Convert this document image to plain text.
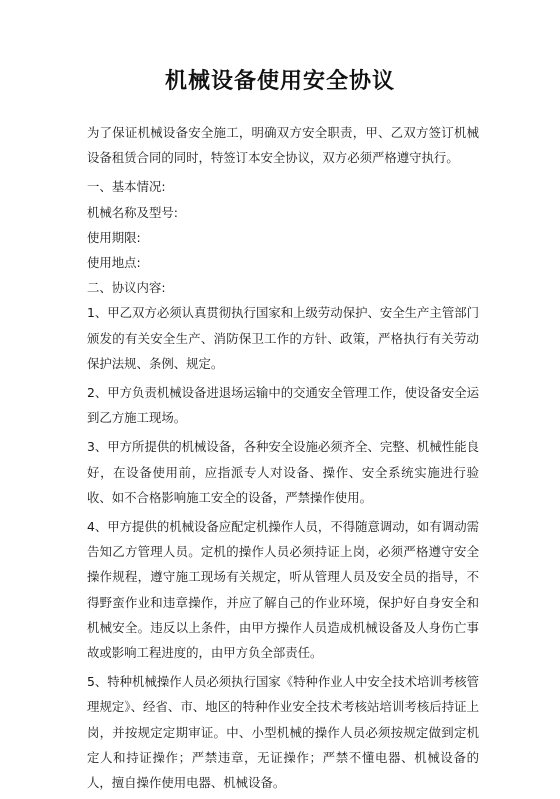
机械设备使用安全协议

为了保证机械设备安全施工，明确双方安全职责，甲、乙双方签订机械设备租赁合同的同时，特签订本安全协议，双方必须严格遵守执行。

一、基本情况:

机械名称及型号:

使用期限:

使用地点:

二、协议内容:

1、甲乙双方必须认真贯彻执行国家和上级劳动保护、安全生产主管部门颁发的有关安全生产、消防保卫工作的方针、政策，严格执行有关劳动保护法规、条例、规定。

2、甲方负责机械设备进退场运输中的交通安全管理工作，使设备安全运到乙方施工现场。

3、甲方所提供的机械设备，各种安全设施必须齐全、完整、机械性能良好，在设备使用前，应指派专人对设备、操作、安全系统实施进行验收、如不合格影响施工安全的设备，严禁操作使用。

4、甲方提供的机械设备应配定机操作人员，不得随意调动，如有调动需告知乙方管理人员。定机的操作人员必须持证上岗，必须严格遵守安全操作规程，遵守施工现场有关规定，听从管理人员及安全员的指导，不得野蛮作业和违章操作，并应了解自己的作业环境，保护好自身安全和机械安全。违反以上条件，由甲方操作人员造成机械设备及人身伤亡事故或影响工程进度的，由甲方负全部责任。

5、特种机械操作人员必须执行国家《特种作业人中安全技术培训考核管理规定》、经省、市、地区的特种作业安全技术考核站培训考核后持证上岗，并按规定定期审证。中、小型机械的操作人员必须按规定做到定机定人和持证操作；严禁违章，无证操作；严禁不懂电器、机械设备的人，擅自操作使用电器、机械设备。
